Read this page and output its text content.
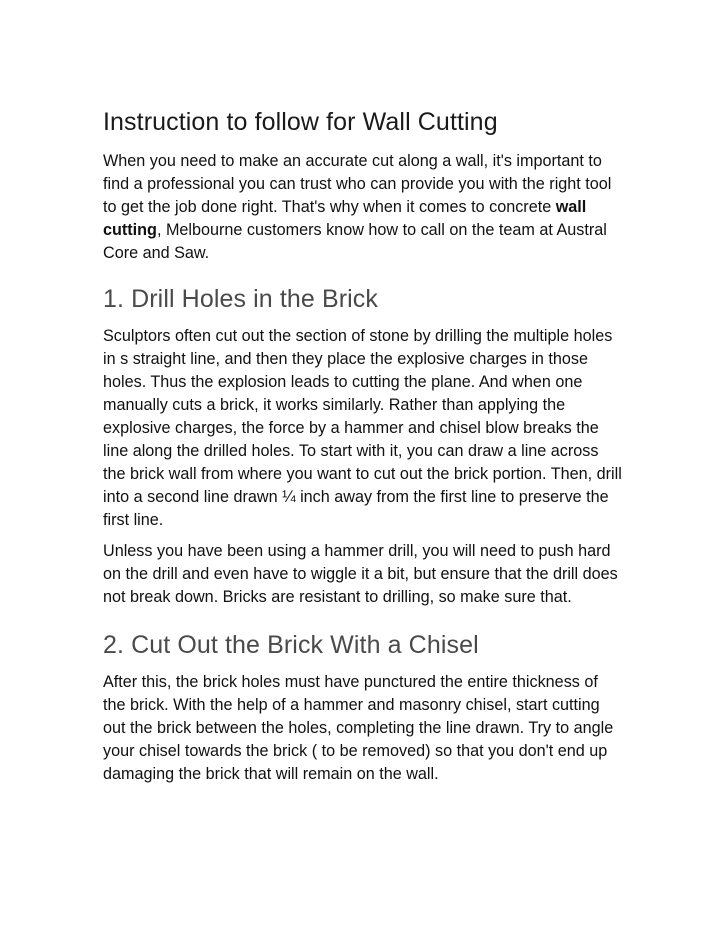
Instruction to follow for Wall Cutting

When you need to make an accurate cut along a wall, it's important to find a professional you can trust who can provide you with the right tool to get the job done right. That's why when it comes to concrete wall cutting, Melbourne customers know how to call on the team at Austral Core and Saw.

1. Drill Holes in the Brick

Sculptors often cut out the section of stone by drilling the multiple holes in s straight line, and then they place the explosive charges in those holes. Thus the explosion leads to cutting the plane. And when one manually cuts a brick, it works similarly. Rather than applying the explosive charges, the force by a hammer and chisel blow breaks the line along the drilled holes. To start with it, you can draw a line across the brick wall from where you want to cut out the brick portion. Then, drill into a second line drawn ¼ inch away from the first line to preserve the first line.

Unless you have been using a hammer drill, you will need to push hard on the drill and even have to wiggle it a bit, but ensure that the drill does not break down. Bricks are resistant to drilling, so make sure that.

2. Cut Out the Brick With a Chisel

After this, the brick holes must have punctured the entire thickness of the brick. With the help of a hammer and masonry chisel, start cutting out the brick between the holes, completing the line drawn. Try to angle your chisel towards the brick ( to be removed) so that you don't end up damaging the brick that will remain on the wall.
